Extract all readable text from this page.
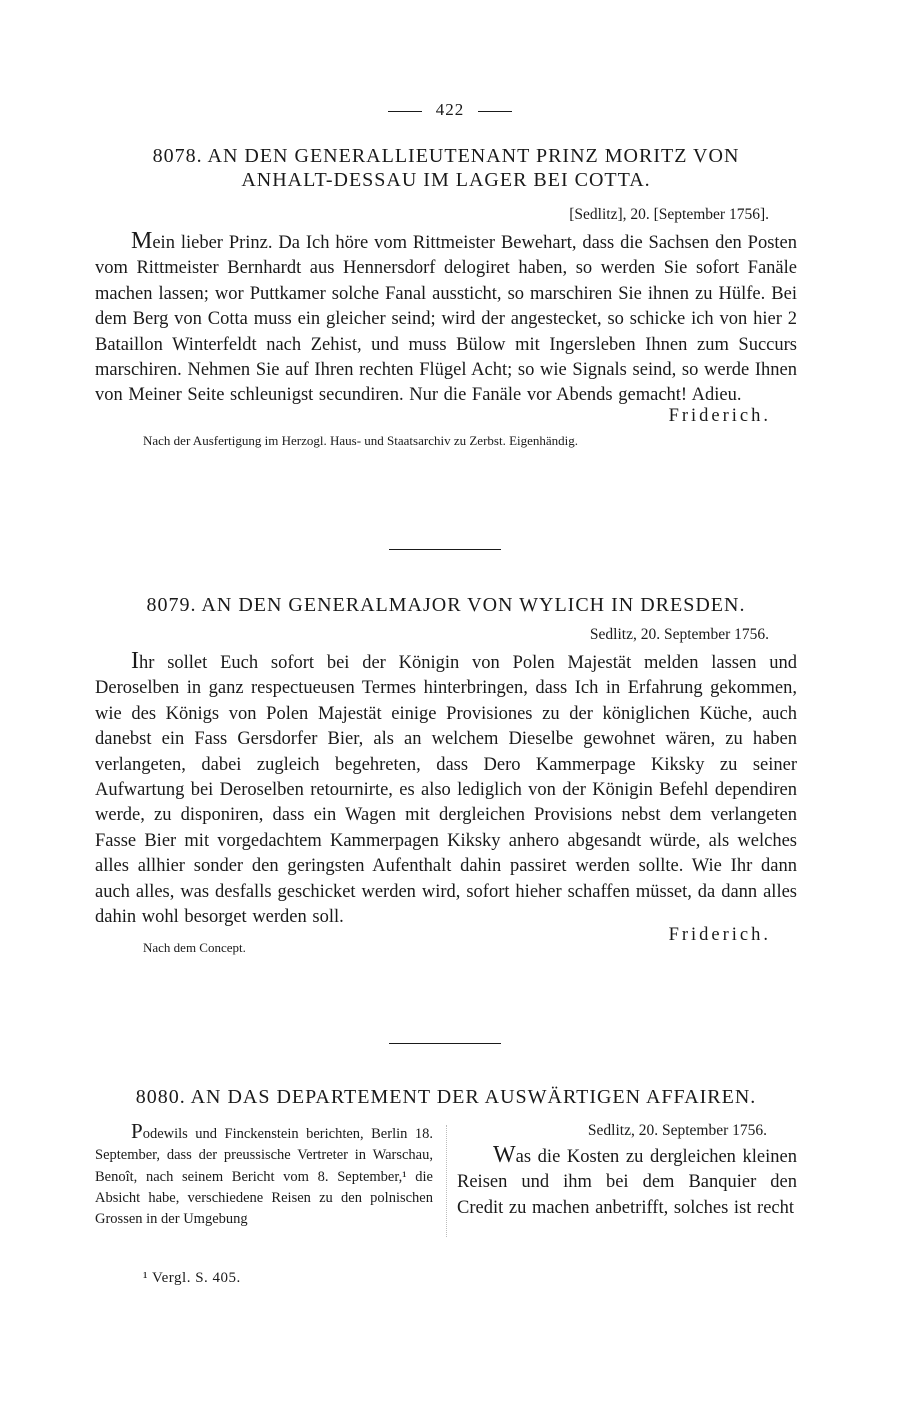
422

8078. AN DEN GENERALLIEUTENANT PRINZ MORITZ VON

ANHALT-DESSAU IM LAGER BEI COTTA.

[Sedlitz], 20. [September 1756].

Mein lieber Prinz. Da Ich höre vom Rittmeister Bewehart, dass die Sachsen den Posten vom Rittmeister Bernhardt aus Hennersdorf delogiret haben, so werden Sie sofort Fanäle machen lassen; wor Puttkamer solche Fanal aussticht, so marschiren Sie ihnen zu Hülfe. Bei dem Berg von Cotta muss ein gleicher seind; wird der angestecket, so schicke ich von hier 2 Bataillon Winterfeldt nach Zehist, und muss Bülow mit Ingersleben Ihnen zum Succurs marschiren. Nehmen Sie auf Ihren rechten Flügel Acht; so wie Signals seind, so werde Ihnen von Meiner Seite schleunigst secundiren. Nur die Fanäle vor Abends gemacht! Adieu.

Friderich.

Nach der Ausfertigung im Herzogl. Haus- und Staatsarchiv zu Zerbst. Eigenhändig.

8079. AN DEN GENERALMAJOR VON WYLICH IN DRESDEN.

Sedlitz, 20. September 1756.

Ihr sollet Euch sofort bei der Königin von Polen Majestät melden lassen und Deroselben in ganz respectueusen Termes hinterbringen, dass Ich in Erfahrung gekommen, wie des Königs von Polen Majestät einige Provisiones zu der königlichen Küche, auch danebst ein Fass Gersdorfer Bier, als an welchem Dieselbe gewohnet wären, zu haben verlangeten, dabei zugleich begehreten, dass Dero Kammerpage Kiksky zu seiner Aufwartung bei Deroselben retournirte, es also lediglich von der Königin Befehl dependiren werde, zu disponiren, dass ein Wagen mit dergleichen Provisions nebst dem verlangeten Fasse Bier mit vorgedachtem Kammerpagen Kiksky anhero abgesandt würde, als welches alles allhier sonder den geringsten Aufenthalt dahin passiret werden sollte. Wie Ihr dann auch alles, was desfalls geschicket werden wird, sofort hieher schaffen müsset, da dann alles dahin wohl besorget werden soll.

Friderich.

Nach dem Concept.

8080. AN DAS DEPARTEMENT DER AUSWÄRTIGEN AFFAIREN.

Podewils und Finckenstein berichten, Berlin 18. September, dass der preussische Vertreter in Warschau, Benoît, nach seinem Bericht vom 8. September,¹ die Absicht habe, verschiedene Reisen zu den polnischen Grossen in der Umgebung

Sedlitz, 20. September 1756.

Was die Kosten zu dergleichen kleinen Reisen und ihm bei dem Banquier den Credit zu machen anbetrifft, solches ist recht

¹ Vergl. S. 405.
